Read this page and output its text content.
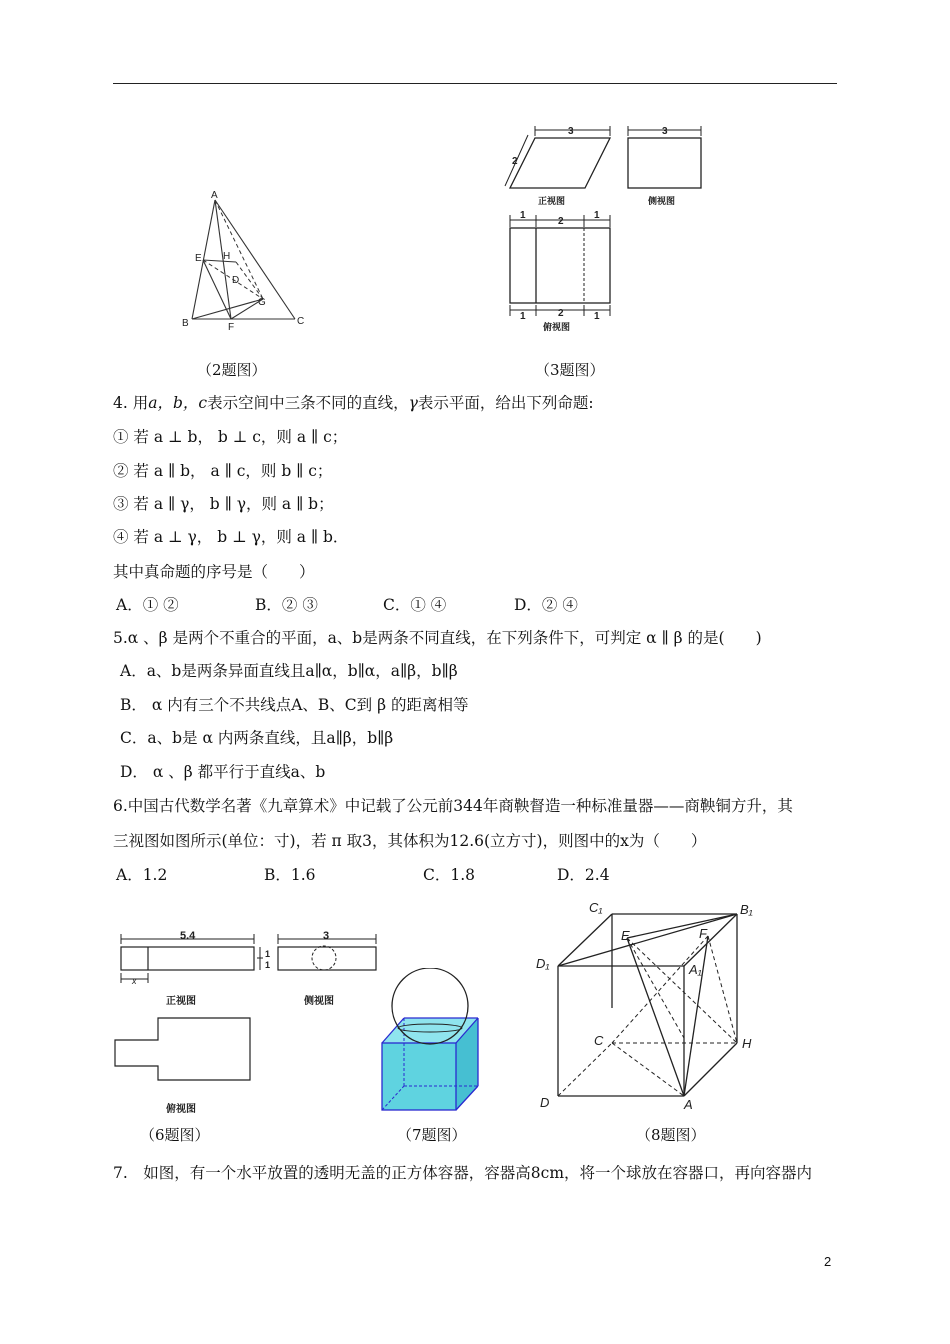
A
E H
D
G
B	F
C
3
2
3
正视图	侧视图
1
2
1
1	2	1
俯视图
（2题图）	（3题图）
4. 用a，b，c表示空间中三条不同的直线，γ表示平面，给出下列命题:
① 若 a ⊥ b， b ⊥ c，则 a ∥ c；
② 若 a ∥ b， a ∥ c，则 b ∥ c；
③ 若 a ∥ γ， b ∥ γ，则 a ∥ b；
④ 若 a ⊥ γ， b ⊥ γ，则 a ∥ b．
其中真命题的序号是（　　）
A．① ②	B．② ③	C．① ④	D．② ④
5.α 、β 是两个不重合的平面，a、b是两条不同直线，在下列条件下，可判定 α ∥ β 的是(　　)
A．a、b是两条异面直线且a∥α，b∥α，a∥β，b∥β
B． α 内有三个不共线点A、B、C到 β 的距离相等
C．a、b是 α 内两条直线，且a∥β，b∥β
D． α 、β 都平行于直线a、b
6.中国古代数学名著《九章算术》中记载了公元前344年商鞅督造一种标准量器——商鞅铜方升，其
三视图如图所示(单位：寸)，若 π 取3，其体积为12.6(立方寸)，则图中的x为（　　）
A．1.2	B．1.6	C．1.8	D．2.4
5.4	3
1
1
x
正视图	侧视图
俯视图
C₁	B₁
E	F
D₁	A₁
C	H
D	A
（6题图）	（7题图）	（8题图）
7.　如图，有一个水平放置的透明无盖的正方体容器，容器高8cm，将一个球放在容器口，再向容器内
2
